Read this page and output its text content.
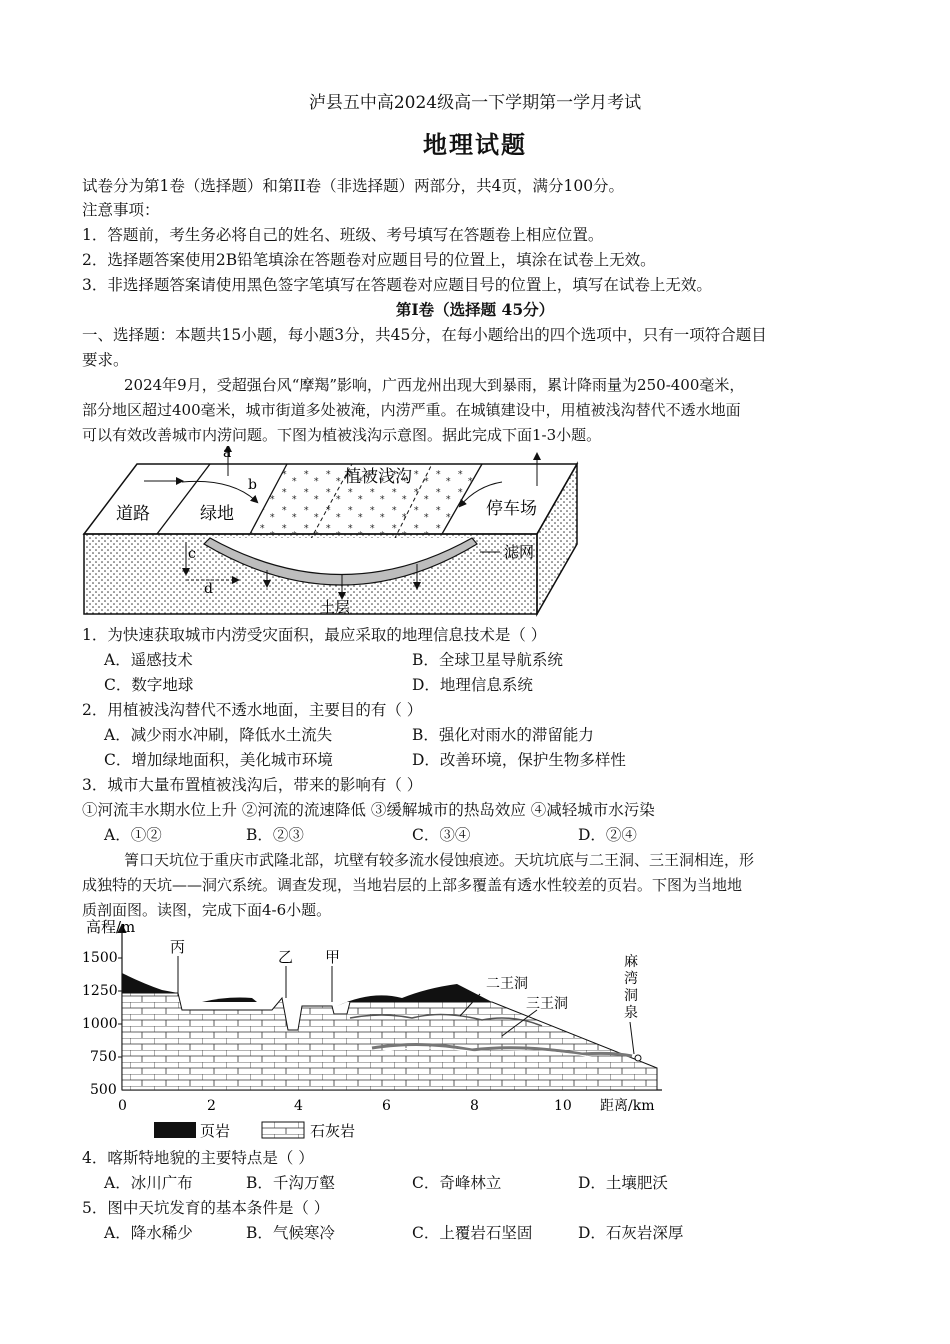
泸县五中高2024级高一下学期第一学月考试
地理试题
试卷分为第1卷（选择题）和第II卷（非选择题）两部分，共4页，满分100分。
注意事项：
1．答题前，考生务必将自己的姓名、班级、考号填写在答题卷上相应位置。
2．选择题答案使用2B铅笔填涂在答题卷对应题目号的位置上，填涂在试卷上无效。
3．非选择题答案请使用黑色签字笔填写在答题卷对应题目号的位置上，填写在试卷上无效。
第I卷（选择题 45分）
一、选择题：本题共15小题，每小题3分，共45分，在每小题给出的四个选项中，只有一项符合题目
要求。
2024年9月，受超强台风“摩羯”影响，广西龙州出现大到暴雨，累计降雨量为250-400毫米，
部分地区超过400毫米，城市街道多处被淹，内涝严重。在城镇建设中，用植被浅沟替代不透水地面
可以有效改善城市内涝问题。下图为植被浅沟示意图。据此完成下面1-3小题。
a
b
c
d
道路	绿地
植被浅沟
停车场
滤网
土层
1．为快速获取城市内涝受灾面积，最应采取的地理信息技术是（ ）
A．遥感技术	B．全球卫星导航系统
C．数字地球	D．地理信息系统
2．用植被浅沟替代不透水地面，主要目的有（ ）
A．减少雨水冲刷，降低水土流失	B．强化对雨水的滞留能力
C．增加绿地面积，美化城市环境	D．改善环境，保护生物多样性
3．城市大量布置植被浅沟后，带来的影响有（ ）
①河流丰水期水位上升 ②河流的流速降低 ③缓解城市的热岛效应 ④减轻城市水污染
A．①②	B．②③	C．③④	D．②④
箐口天坑位于重庆市武隆北部，坑壁有较多流水侵蚀痕迹。天坑坑底与二王洞、三王洞相连，形
成独特的天坑——洞穴系统。调查发现，当地岩层的上部多覆盖有透水性较差的页岩。下图为当地地
质剖面图。读图，完成下面4-6小题。
高程/m
1500
1250
1000
750
500
丙
乙 甲
二王洞
三王洞
麻
湾
洞
泉
0	2	4	6	8	10 距离/km
页岩	石灰岩
4．喀斯特地貌的主要特点是（ ）
A．冰川广布	B．千沟万壑	C．奇峰林立	D．土壤肥沃
5．图中天坑发育的基本条件是（ ）
A．降水稀少	B．气候寒冷	C．上覆岩石坚固	D．石灰岩深厚
